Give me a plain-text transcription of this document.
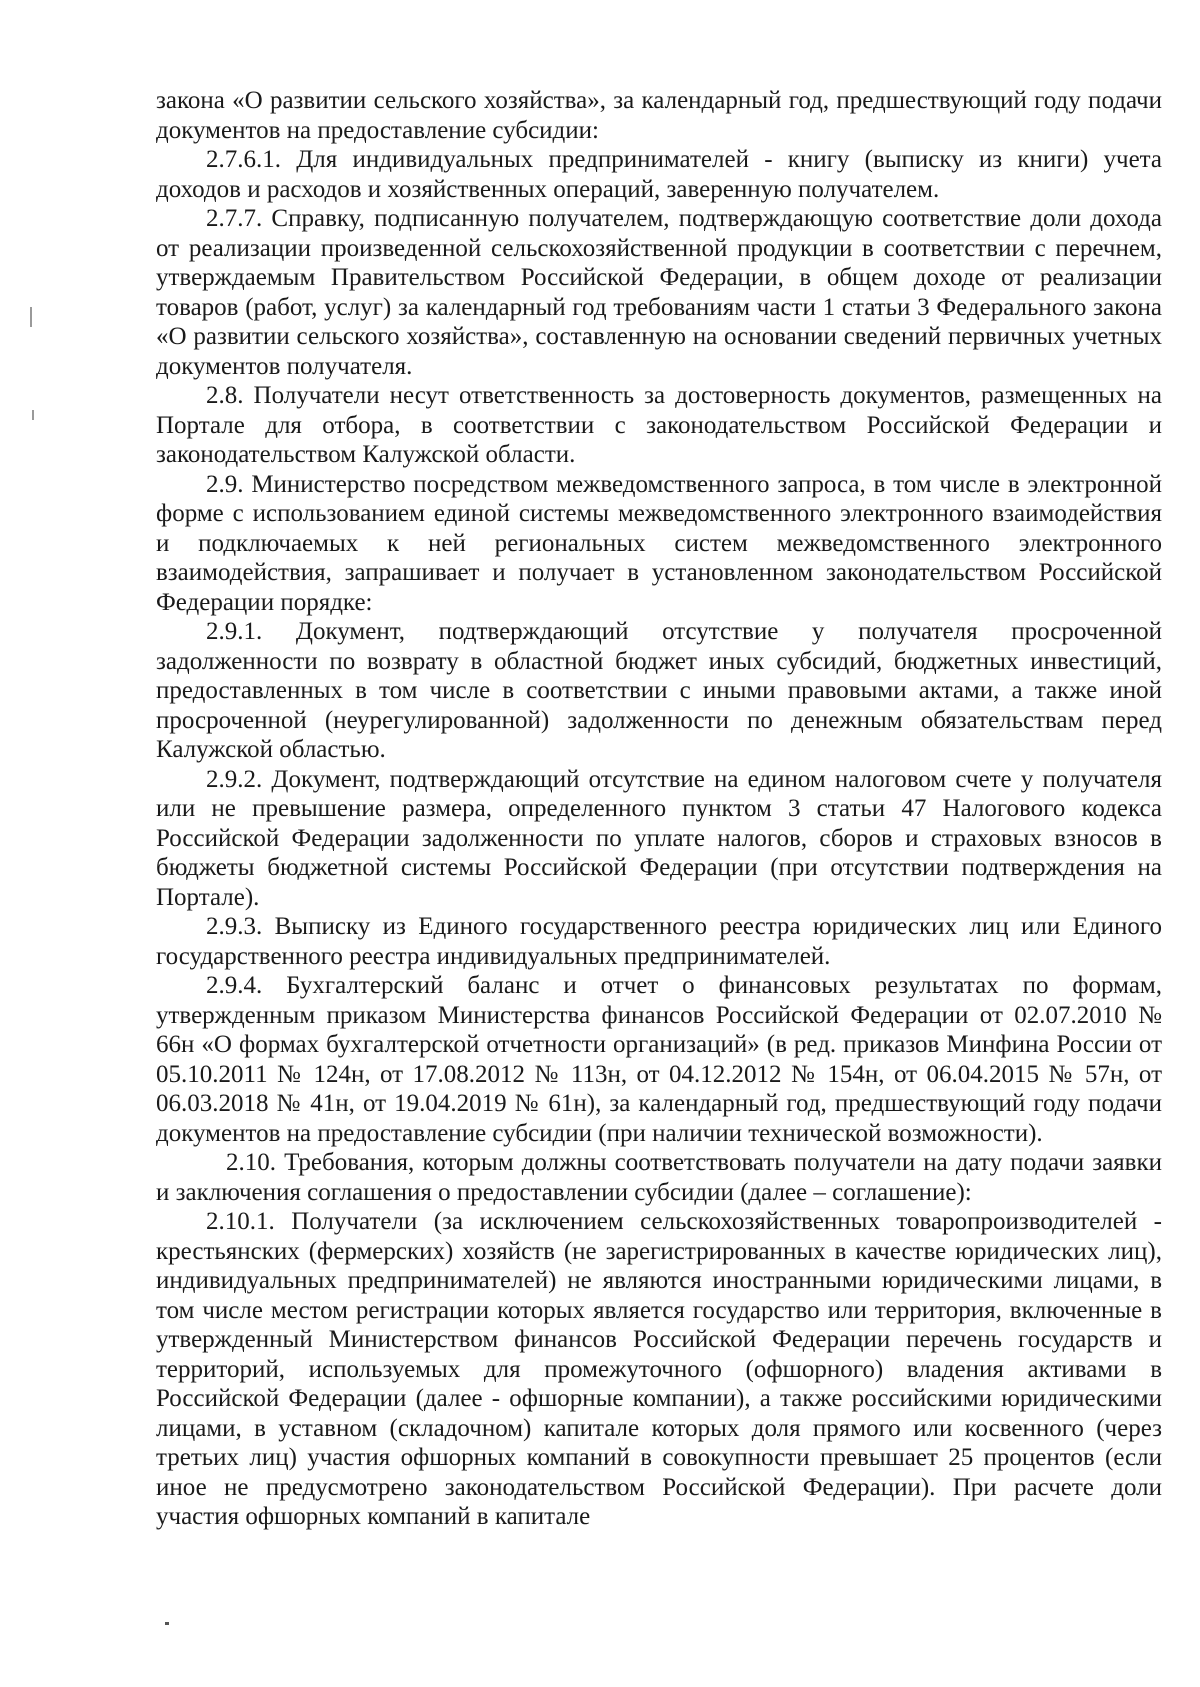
закона «О развитии сельского хозяйства», за календарный год, предшествующий году подачи документов на предоставление субсидии:

2.7.6.1. Для индивидуальных предпринимателей - книгу (выписку из книги) учета доходов и расходов и хозяйственных операций, заверенную получателем.

2.7.7. Справку, подписанную получателем, подтверждающую соответствие доли дохода от реализации произведенной сельскохозяйственной продукции в соответствии с перечнем, утверждаемым Правительством Российской Федерации, в общем доходе от реализации товаров (работ, услуг) за календарный год требованиям части 1 статьи 3 Федерального закона «О развитии сельского хозяйства», составленную на основании сведений первичных учетных документов получателя.

2.8. Получатели несут ответственность за достоверность документов, размещенных на Портале для отбора, в соответствии с законодательством Российской Федерации и законодательством Калужской области.

2.9. Министерство посредством межведомственного запроса, в том числе в электронной форме с использованием единой системы межведомственного электронного взаимодействия и подключаемых к ней региональных систем межведомственного электронного взаимодействия, запрашивает и получает в установленном законодательством Российской Федерации порядке:

2.9.1. Документ, подтверждающий отсутствие у получателя просроченной задолженности по возврату в областной бюджет иных субсидий, бюджетных инвестиций, предоставленных в том числе в соответствии с иными правовыми актами, а также иной просроченной (неурегулированной) задолженности по денежным обязательствам перед Калужской областью.

2.9.2. Документ, подтверждающий отсутствие на едином налоговом счете у получателя или не превышение размера, определенного пунктом 3 статьи 47 Налогового кодекса Российской Федерации задолженности по уплате налогов, сборов и страховых взносов в бюджеты бюджетной системы Российской Федерации (при отсутствии подтверждения на Портале).

2.9.3. Выписку из Единого государственного реестра юридических лиц или Единого государственного реестра индивидуальных предпринимателей.

2.9.4. Бухгалтерский баланс и отчет о финансовых результатах по формам, утвержденным приказом Министерства финансов Российской Федерации от 02.07.2010 № 66н «О формах бухгалтерской отчетности организаций» (в ред. приказов Минфина России от 05.10.2011 № 124н, от 17.08.2012 № 113н, от 04.12.2012 № 154н, от 06.04.2015 № 57н, от 06.03.2018 № 41н, от 19.04.2019 № 61н), за календарный год, предшествующий году подачи документов на предоставление субсидии (при наличии технической возможности).

2.10. Требования, которым должны соответствовать получатели на дату подачи заявки и заключения соглашения о предоставлении субсидии (далее – соглашение):

2.10.1. Получатели (за исключением сельскохозяйственных товаропроизводителей - крестьянских (фермерских) хозяйств (не зарегистрированных в качестве юридических лиц), индивидуальных предпринимателей) не являются иностранными юридическими лицами, в том числе местом регистрации которых является государство или территория, включенные в утвержденный Министерством финансов Российской Федерации перечень государств и территорий, используемых для промежуточного (офшорного) владения активами в Российской Федерации (далее - офшорные компании), а также российскими юридическими лицами, в уставном (складочном) капитале которых доля прямого или косвенного (через третьих лиц) участия офшорных компаний в совокупности превышает 25 процентов (если иное не предусмотрено законодательством Российской Федерации). При расчете доли участия офшорных компаний в капитале
